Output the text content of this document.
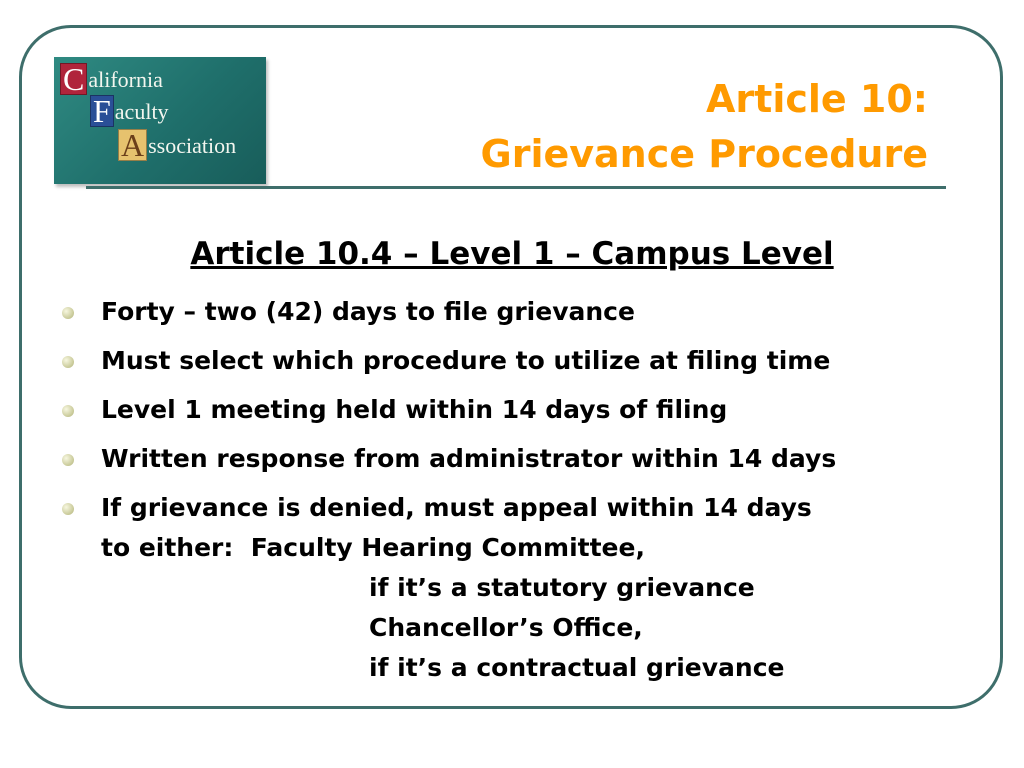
C alifornia
F aculty
A ssociation
Article 10:
Grievance Procedure
Article 10.4 – Level 1 – Campus Level
Forty – two (42) days to file grievance
Must select which procedure to utilize at filing time
Level 1 meeting held within 14 days of filing
Written response from administrator within 14 days
If grievance is denied, must appeal within 14 days
to either:  Faculty Hearing Committee,
if it’s a statutory grievance
Chancellor’s Office,
if it’s a contractual grievance
